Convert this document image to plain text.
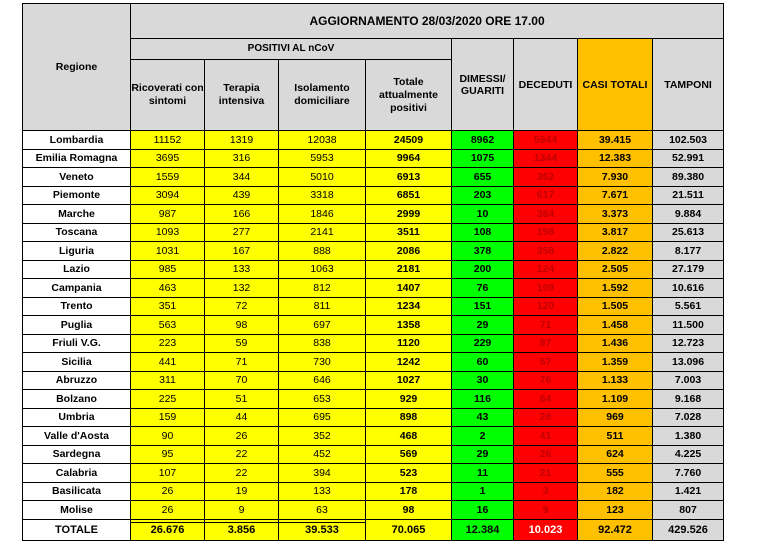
Regione	AGGIORNAMENTO 28/03/2020 ORE 17.00							
	POSITIVI AL nCoV				DIMESSI/ GUARITI	DECEDUTI	CASI TOTALI	TAMPONI
	Ricoverati con sintomi	Terapia intensiva	Isolamento domiciliare	Totale attualmente positivi				
Lombardia	11152	1319	12038	24509	8962	5944	39.415	102.503
Emilia Romagna	3695	316	5953	9964	1075	1344	12.383	52.991
Veneto	1559	344	5010	6913	655	362	7.930	89.380
Piemonte	3094	439	3318	6851	203	617	7.671	21.511
Marche	987	166	1846	2999	10	364	3.373	9.884
Toscana	1093	277	2141	3511	108	198	3.817	25.613
Liguria	1031	167	888	2086	378	358	2.822	8.177
Lazio	985	133	1063	2181	200	124	2.505	27.179
Campania	463	132	812	1407	76	109	1.592	10.616
Trento	351	72	811	1234	151	120	1.505	5.561
Puglia	563	98	697	1358	29	71	1.458	11.500
Friuli V.G.	223	59	838	1120	229	87	1.436	12.723
Sicilia	441	71	730	1242	60	57	1.359	13.096
Abruzzo	311	70	646	1027	30	76	1.133	7.003
Bolzano	225	51	653	929	116	64	1.109	9.168
Umbria	159	44	695	898	43	28	969	7.028
Valle d'Aosta	90	26	352	468	2	41	511	1.380
Sardegna	95	22	452	569	29	26	624	4.225
Calabria	107	22	394	523	11	21	555	7.760
Basilicata	26	19	133	178	1	3	182	1.421
Molise	26	9	63	98	16	9	123	807
TOTALE	26.676	3.856	39.533	70.065	12.384	10.023	92.472	429.526
